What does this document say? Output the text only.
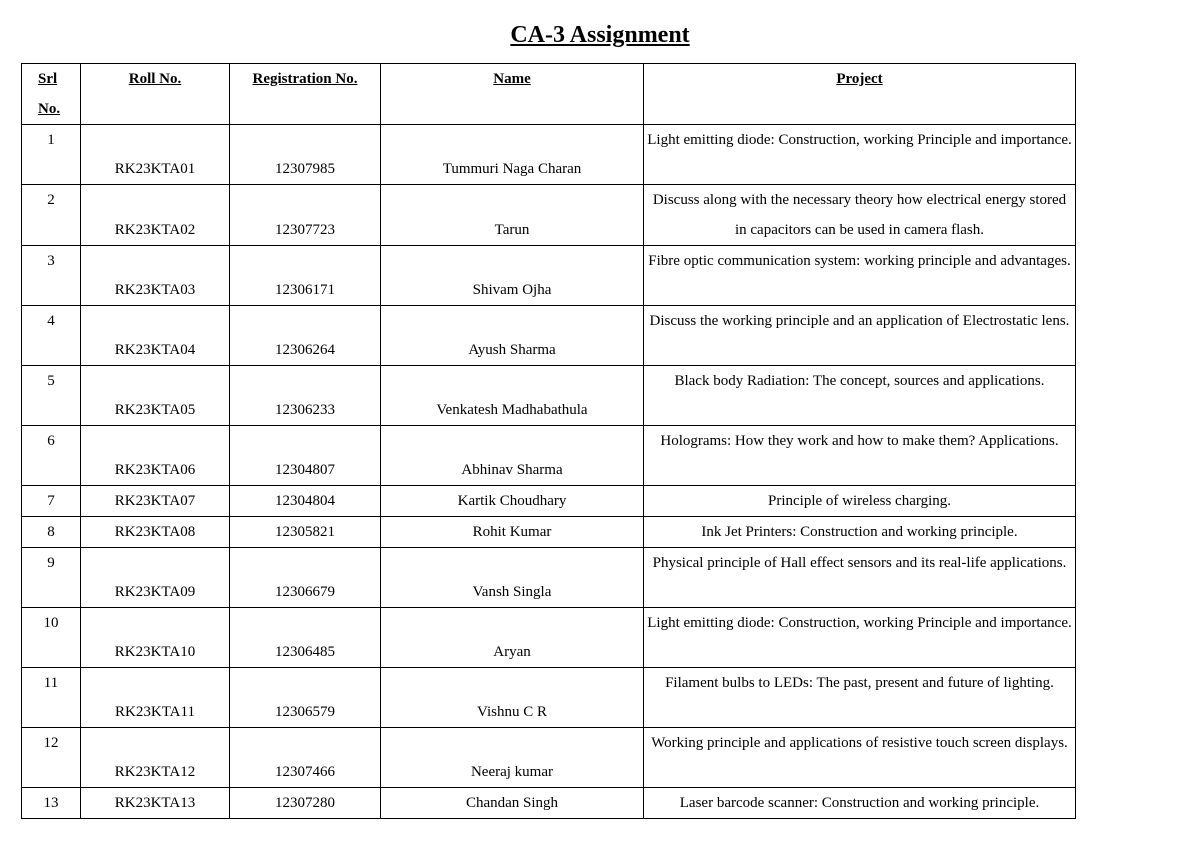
CA-3 Assignment
Srl No.	Roll No.	Registration No.	Name	Project
1	RK23KTA01	12307985	Tummuri Naga Charan	Light emitting diode: Construction, working Principle and importance.
2	RK23KTA02	12307723	Tarun	Discuss along with the necessary theory how electrical energy stored in capacitors can be used in camera flash.
3	RK23KTA03	12306171	Shivam Ojha	Fibre optic communication system: working principle and advantages.
4	RK23KTA04	12306264	Ayush Sharma	Discuss the working principle and an application of Electrostatic lens.
5	RK23KTA05	12306233	Venkatesh Madhabathula	Black body Radiation: The concept, sources and applications.
6	RK23KTA06	12304807	Abhinav Sharma	Holograms: How they work and how to make them? Applications.
7	RK23KTA07	12304804	Kartik Choudhary	Principle of wireless charging.
8	RK23KTA08	12305821	Rohit Kumar	Ink Jet Printers: Construction and working principle.
9	RK23KTA09	12306679	Vansh Singla	Physical principle of Hall effect sensors and its real-life applications.
10	RK23KTA10	12306485	Aryan	Light emitting diode: Construction, working Principle and importance.
11	RK23KTA11	12306579	Vishnu C R	Filament bulbs to LEDs: The past, present and future of lighting.
12	RK23KTA12	12307466	Neeraj kumar	Working principle and applications of resistive touch screen displays.
13	RK23KTA13	12307280	Chandan Singh	Laser barcode scanner: Construction and working principle.
